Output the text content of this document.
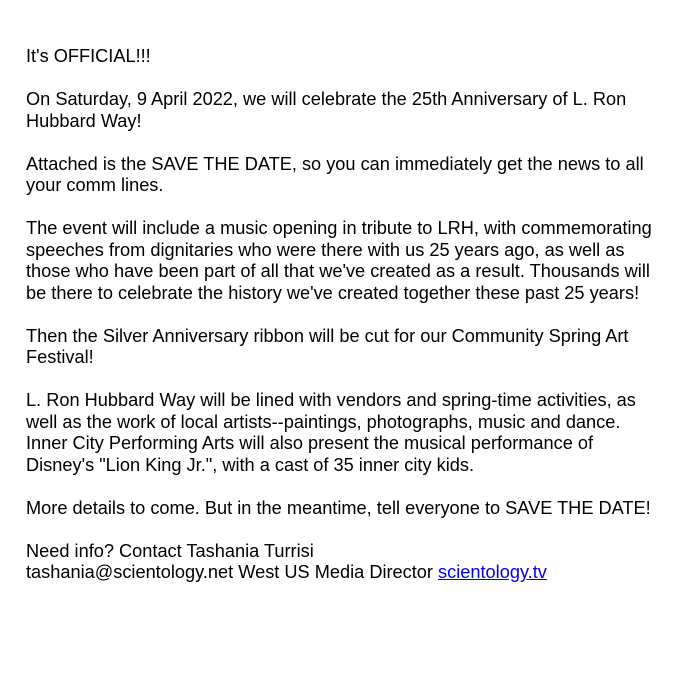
It's OFFICIAL!!!

On Saturday, 9 April 2022, we will celebrate the 25th Anniversary of L. Ron Hubbard Way!

Attached is the SAVE THE DATE, so you can immediately get the news to all your comm lines.

The event will include a music opening in tribute to LRH, with commemorating speeches from dignitaries who were there with us 25 years ago, as well as those who have been part of all that we've created as a result. Thousands will be there to celebrate the history we've created together these past 25 years!

Then the Silver Anniversary ribbon will be cut for our Community Spring Art Festival!

L. Ron Hubbard Way will be lined with vendors and spring-time activities, as well as the work of local artists--paintings, photographs, music and dance. Inner City Performing Arts will also present the musical performance of Disney's "Lion King Jr.", with a cast of 35 inner city kids.

More details to come. But in the meantime, tell everyone to SAVE THE DATE!

Need info? Contact Tashania Turrisi
tashania@scientology.net West US Media Director scientology.tv
